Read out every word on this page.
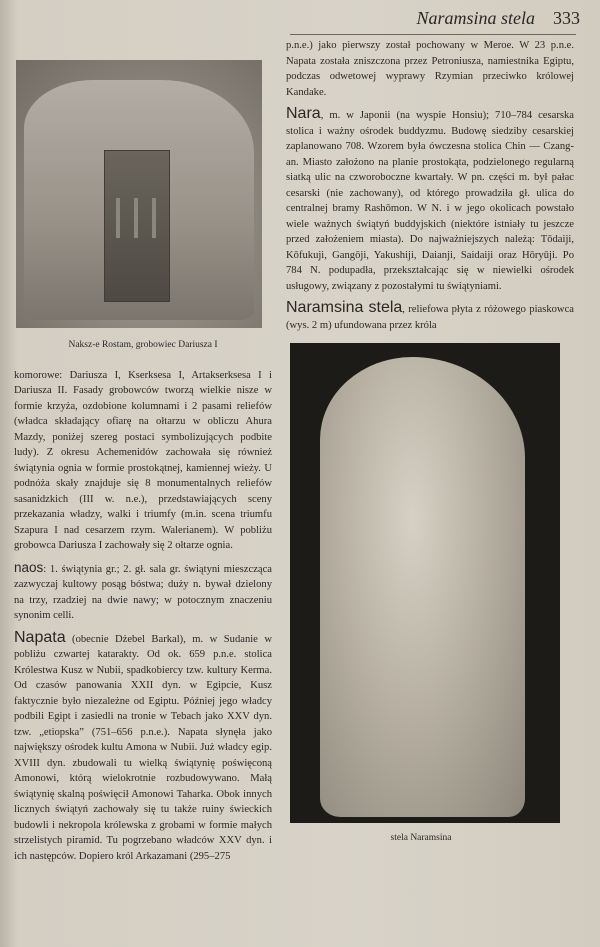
Naramsina stela 333
Naksz-e Rostam, grobowiec Dariusza I

komorowe: Dariusza I, Kserksesa I, Artakserksesa I i Dariusza II. Fasady grobowców tworzą wielkie nisze w formie krzyża, ozdobione kolumnami i 2 pasami reliefów (władca składający ofiarę na ołtarzu w obliczu Ahura Mazdy, poniżej szereg postaci symbolizujących podbite ludy). Z okresu Achemenidów zachowała się również świątynia ognia w formie prostokątnej, kamiennej wieży. U podnóża skały znajduje się 8 monumentalnych reliefów sasanidzkich (III w. n.e.), przedstawiających sceny przekazania władzy, walki i triumfy (m.in. scena triumfu Szapura I nad cesarzem rzym. Walerianem). W pobliżu grobowca Dariusza I zachowały się 2 ołtarze ognia.

naos: 1. świątynia gr.; 2. gł. sala gr. świątyni mieszcząca zazwyczaj kultowy posąg bóstwa; duży n. bywał dzielony na trzy, rzadziej na dwie nawy; w potocznym znaczeniu synonim celli.

Napata (obecnie Dżebel Barkal), m. w Sudanie w pobliżu czwartej katarakty. Od ok. 659 p.n.e. stolica Królestwa Kusz w Nubii, spadkobiercy tzw. kultury Kerma. Od czasów panowania XXII dyn. w Egipcie, Kusz faktycznie było niezależne od Egiptu. Później jego władcy podbili Egipt i zasiedli na tronie w Tebach jako XXV dyn. tzw. „etiopska” (751–656 p.n.e.). Napata słynęła jako największy ośrodek kultu Amona w Nubii. Już władcy egip. XVIII dyn. zbudowali tu wielką świątynię poświęconą Amonowi, którą wielokrotnie rozbudowywano. Małą świątynię skalną poświęcił Amonowi Taharka. Obok innych licznych świątyń zachowały się tu także ruiny świeckich budowli i nekropola królewska z grobami w formie małych strzelistych piramid. Tu pogrzebano władców XXV dyn. i ich następców. Dopiero król Arkazamani (295–275

p.n.e.) jako pierwszy został pochowany w Meroe. W 23 p.n.e. Napata została zniszczona przez Petroniusza, namiestnika Egiptu, podczas odwetowej wyprawy Rzymian przeciwko królowej Kandake.

Nara, m. w Japonii (na wyspie Honsiu); 710–784 cesarska stolica i ważny ośrodek buddyzmu. Budowę siedziby cesarskiej zaplanowano 708. Wzorem była ówczesna stolica Chin — Czang-an. Miasto założono na planie prostokąta, podzielonego regularną siatką ulic na czworoboczne kwartały. W pn. części m. był pałac cesarski (nie zachowany), od którego prowadziła gł. ulica do centralnej bramy Rashōmon. W N. i w jego okolicach powstało wiele ważnych świątyń buddyjskich (niektóre istniały tu jeszcze przed założeniem miasta). Do najważniejszych należą: Tōdaiji, Kōfukuji, Gangōji, Yakushiji, Daianji, Saidaiji oraz Hōryūji. Po 784 N. podupadła, przekształcając się w niewielki ośrodek usługowy, związany z pozostałymi tu świątyniami.

Naramsina stela, reliefowa płyta z różowego piaskowca (wys. 2 m) ufundowana przez króla

stela Naramsina
